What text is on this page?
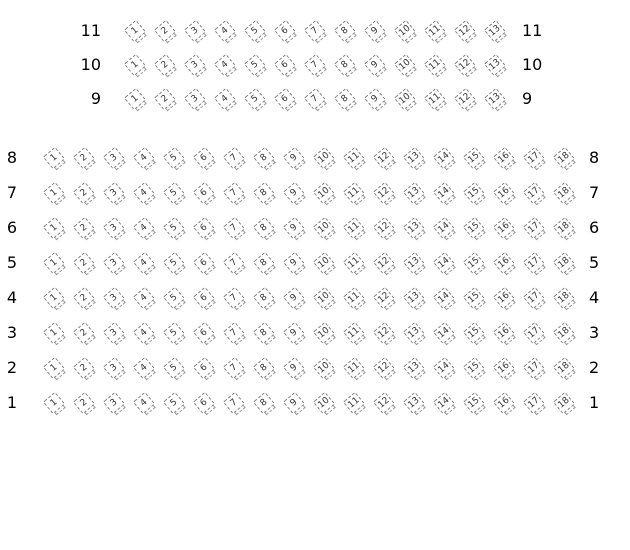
11	1 2 3 4 5 6 7 8 9 10 11 12 13 11
10	1 2 3 4 5 6 7 8 9 10 11 12 13 10
9	1 2 3 4 5 6 7 8 9 10 11 12 13 9
8	1 2 3 4 5 6 7 8 9 10 11 12 13 14 15 16 17 18 8
7	1 2 3 4 5 6 7 8 9 10 11 12 13 14 15 16 17 18 7
6	1 2 3 4 5 6 7 8 9 10 11 12 13 14 15 16 17 18 6
5	1 2 3 4 5 6 7 8 9 10 11 12 13 14 15 16 17 18 5
4	1 2 3 4 5 6 7 8 9 10 11 12 13 14 15 16 17 18 4
3	1 2 3 4 5 6 7 8 9 10 11 12 13 14 15 16 17 18 3
2	1 2 3 4 5 6 7 8 9 10 11 12 13 14 15 16 17 18 2
1	1 2 3 4 5 6 7 8 9 10 11 12 13 14 15 16 17 18 1
